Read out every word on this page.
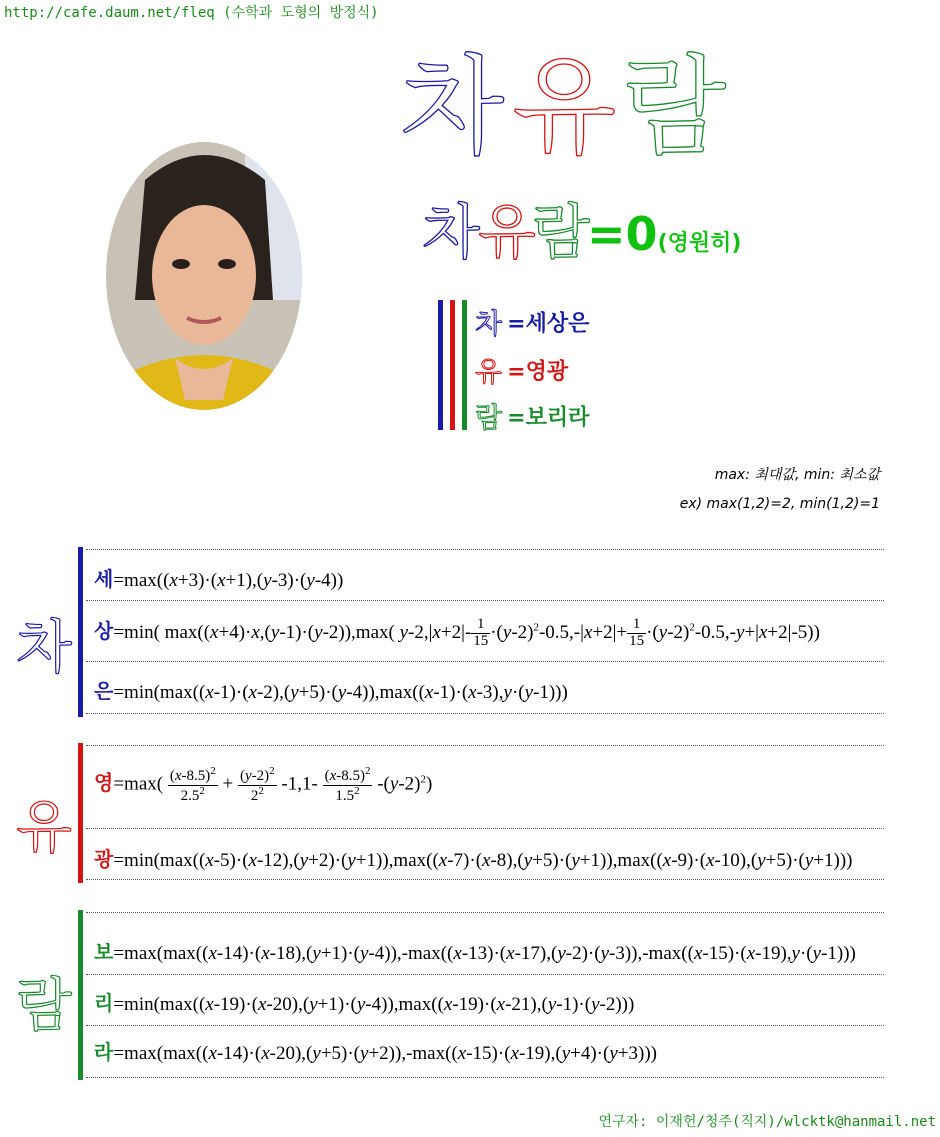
http://cafe.daum.net/fleq (수학과 도형의 방정식)
차 유 람
차
유
람
=0(영원히)
차 =세상은
유 =영광
람 =보리라
max: 최대값, min: 최소값
ex) max(1,2)=2, min(1,2)=1
차
세=max((x+3)·(x+1),(y-3)·(y-4))
상=min( max((x+4)·x,(y-1)·(y-2)),max( $y-2,|x+2|- \frac{1}{15} \cdot(y-2)^2-0.5,-|x+2|+ \frac{1}{15} \cdot(y-2)^2-0.5,-y+|x+2|-5$))
은=min(max((x-1)·(x-2),(y+5)·(y-4)),max((x-1)·(x-3),y·(y-1)))
유
영$=\max( \frac{(x-8.5)^2}{2.5^2} + \frac{(y-2)^2}{2^2} -1,1- \frac{(x-8.5)^2}{1.5^2} -(y-2)^2)$
광=min(max((x-5)·(x-12),(y+2)·(y+1)),max((x-7)·(x-8),(y+5)·(y+1)),max((x-9)·(x-10),(y+5)·(y+1)))
람
보=max(max((x-14)·(x-18),(y+1)·(y-4)),-max((x-13)·(x-17),(y-2)·(y-3)),-max((x-15)·(x-19),y·(y-1)))
리=min(max((x-19)·(x-20),(y+1)·(y-4)),max((x-19)·(x-21),(y-1)·(y-2)))
라=max(max((x-14)·(x-20),(y+5)·(y+2)),-max((x-15)·(x-19),(y+4)·(y+3)))
연구자: 이재헌/청주(직지)/wlcktk@hanmail.net
